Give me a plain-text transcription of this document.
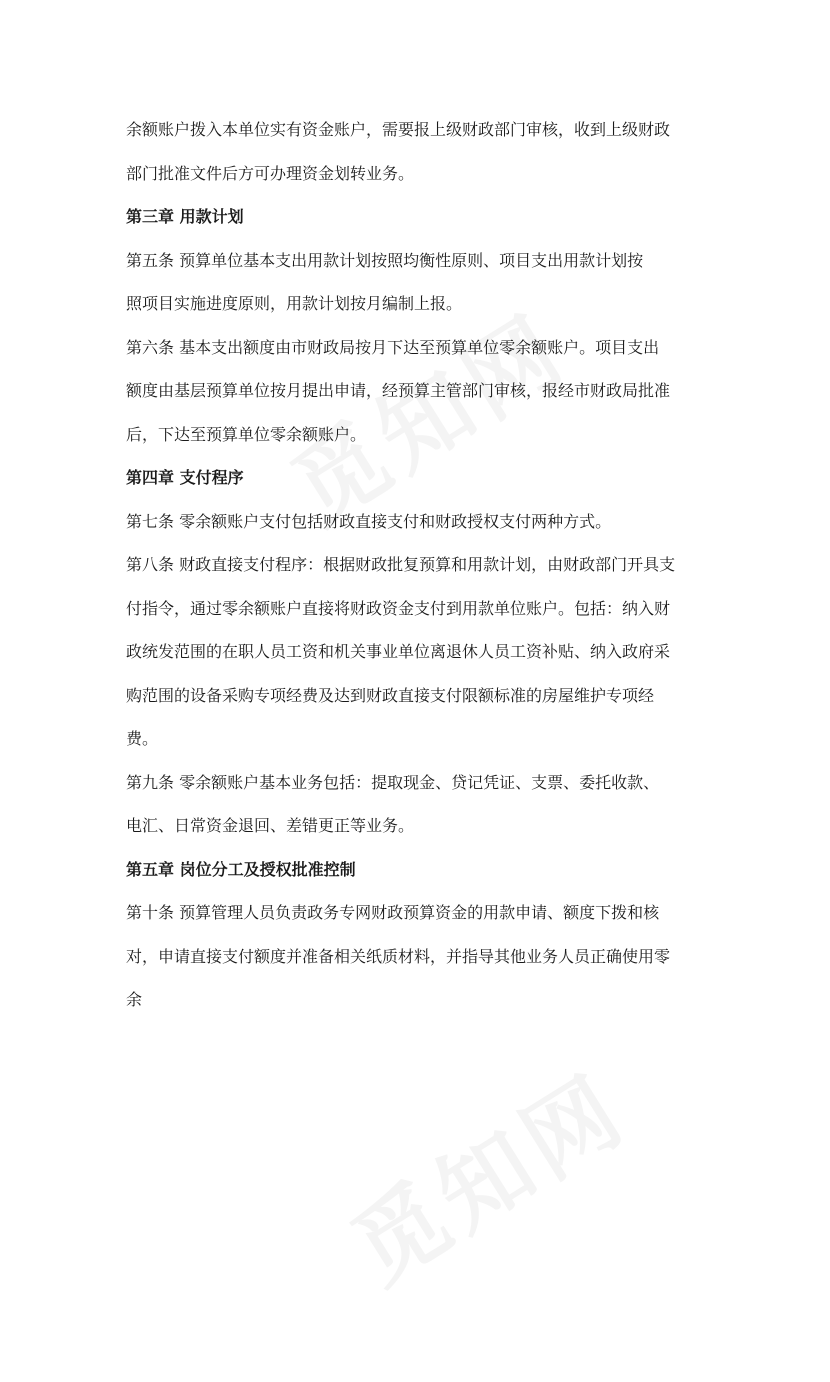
余额账户拨入本单位实有资金账户，需要报上级财政部门审核，收到上级财政
部门批准文件后方可办理资金划转业务。
第三章 用款计划
第五条 预算单位基本支出用款计划按照均衡性原则、项目支出用款计划按
照项目实施进度原则，用款计划按月编制上报。
第六条 基本支出额度由市财政局按月下达至预算单位零余额账户。项目支出
额度由基层预算单位按月提出申请，经预算主管部门审核，报经市财政局批准
后，下达至预算单位零余额账户。
第四章 支付程序
第七条 零余额账户支付包括财政直接支付和财政授权支付两种方式。
第八条 财政直接支付程序：根据财政批复预算和用款计划，由财政部门开具支
付指令，通过零余额账户直接将财政资金支付到用款单位账户。包括：纳入财
政统发范围的在职人员工资和机关事业单位离退休人员工资补贴、纳入政府采
购范围的设备采购专项经费及达到财政直接支付限额标准的房屋维护专项经
费。
第九条 零余额账户基本业务包括：提取现金、贷记凭证、支票、委托收款、
电汇、日常资金退回、差错更正等业务。
第五章 岗位分工及授权批准控制
第十条 预算管理人员负责政务专网财政预算资金的用款申请、额度下拨和核
对，申请直接支付额度并准备相关纸质材料，并指导其他业务人员正确使用零
余
